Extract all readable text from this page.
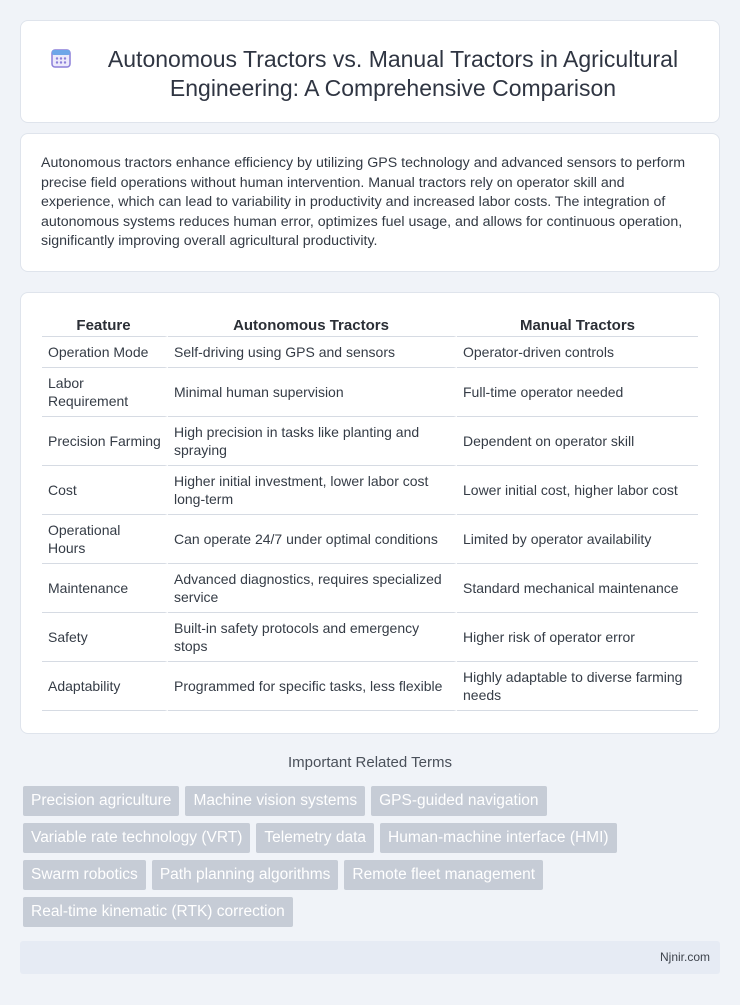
Autonomous Tractors vs. Manual Tractors in Agricultural Engineering: A Comprehensive Comparison

Autonomous tractors enhance efficiency by utilizing GPS technology and advanced sensors to perform precise field operations without human intervention. Manual tractors rely on operator skill and experience, which can lead to variability in productivity and increased labor costs. The integration of autonomous systems reduces human error, optimizes fuel usage, and allows for continuous operation, significantly improving overall agricultural productivity.

Feature	Autonomous Tractors	Manual Tractors
Operation Mode	Self-driving using GPS and sensors	Operator-driven controls
Labor Requirement	Minimal human supervision	Full-time operator needed
Precision Farming	High precision in tasks like planting and spraying	Dependent on operator skill
Cost	Higher initial investment, lower labor cost long-term	Lower initial cost, higher labor cost
Operational Hours	Can operate 24/7 under optimal conditions	Limited by operator availability
Maintenance	Advanced diagnostics, requires specialized service	Standard mechanical maintenance
Safety	Built-in safety protocols and emergency stops	Higher risk of operator error
Adaptability	Programmed for specific tasks, less flexible	Highly adaptable to diverse farming needs
Important Related Terms
Precision agriculture	Machine vision systems	GPS-guided navigation
Variable rate technology (VRT)	Telemetry data	Human-machine interface (HMI)
Swarm robotics	Path planning algorithms	Remote fleet management
Real-time kinematic (RTK) correction
Njnir.com
